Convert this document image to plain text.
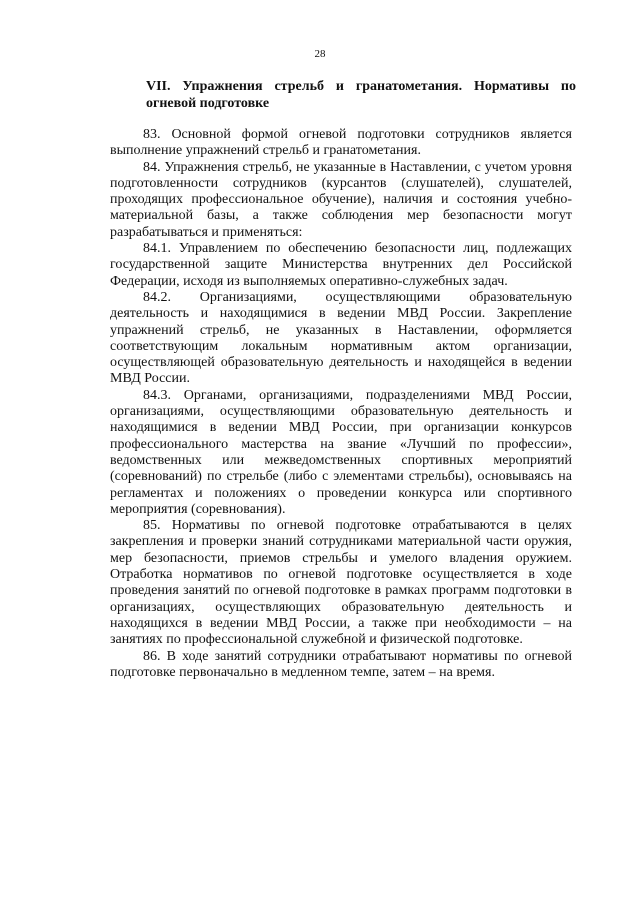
28

VII. Упражнения стрельб и гранатометания. Нормативы по огневой подготовке

83. Основной формой огневой подготовки сотрудников является выполнение упражнений стрельб и гранатометания.

84. Упражнения стрельб, не указанные в Наставлении, с учетом уровня подготовленности сотрудников (курсантов (слушателей), слушателей, проходящих профессиональное обучение), наличия и состояния учебно-материальной базы, а также соблюдения мер безопасности могут разрабатываться и применяться:

84.1. Управлением по обеспечению безопасности лиц, подлежащих государственной защите Министерства внутренних дел Российской Федерации, исходя из выполняемых оперативно-служебных задач.

84.2. Организациями, осуществляющими образовательную деятельность и находящимися в ведении МВД России. Закрепление упражнений стрельб, не указанных в Наставлении, оформляется соответствующим локальным нормативным актом организации, осуществляющей образовательную деятельность и находящейся в ведении МВД России.

84.3. Органами, организациями, подразделениями МВД России, организациями, осуществляющими образовательную деятельность и находящимися в ведении МВД России, при организации конкурсов профессионального мастерства на звание «Лучший по профессии», ведомственных или межведомственных спортивных мероприятий (соревнований) по стрельбе (либо с элементами стрельбы), основываясь на регламентах и положениях о проведении конкурса или спортивного мероприятия (соревнования).

85. Нормативы по огневой подготовке отрабатываются в целях закрепления и проверки знаний сотрудниками материальной части оружия, мер безопасности, приемов стрельбы и умелого владения оружием. Отработка нормативов по огневой подготовке осуществляется в ходе проведения занятий по огневой подготовке в рамках программ подготовки в организациях, осуществляющих образовательную деятельность и находящихся в ведении МВД России, а также при необходимости – на занятиях по профессиональной служебной и физической подготовке.

86. В ходе занятий сотрудники отрабатывают нормативы по огневой подготовке первоначально в медленном темпе, затем – на время.
